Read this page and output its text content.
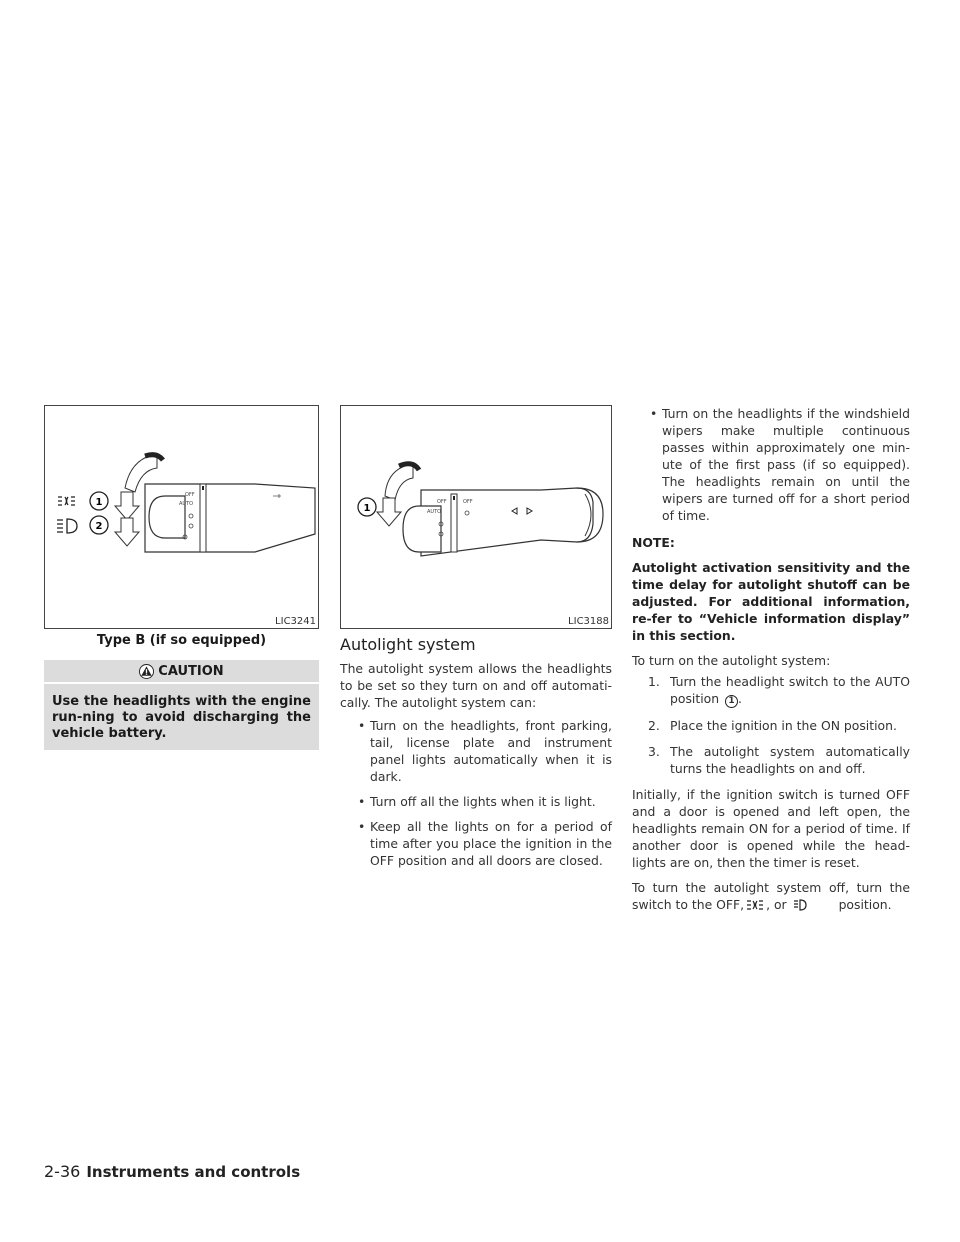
OFF
AUTO
1
2
LIC3241
Type B (if so equipped)
CAUTION
Use the headlights with the engine run-ning to avoid discharging the vehicle battery.
OFF	OFF
AUTO
1
LIC3188
Autolight system

The autolight system allows the headlights to be set so they turn on and off automati-cally. The autolight system can:

• Turn on the headlights, front parking, tail, license plate and instrument panel lights automatically when it is dark.
• Turn off all the lights when it is light.
• Keep all the lights on for a period of time after you place the ignition in the OFF position and all doors are closed.
• Turn on the headlights if the windshield wipers make multiple continuous passes within approximately one min-ute of the first pass (if so equipped). The headlights remain on until the wipers are turned off for a short period of time.

NOTE:

Autolight activation sensitivity and the time delay for autolight shutoff can be adjusted. For additional information, re-fer to “Vehicle information display” in this section.

To turn on the autolight system:

1. Turn the headlight switch to the AUTO position 1 .
2. Place the ignition in the ON position.
3. The autolight system automatically turns the headlights on and off.

Initially, if the ignition switch is turned OFF and a door is opened and left open, the headlights remain ON for a period of time. If another door is opened while the head-lights are on, then the timer is reset.

To turn the autolight system off, turn the switch to the OFF, , or	position.

2-36 Instruments and controls
